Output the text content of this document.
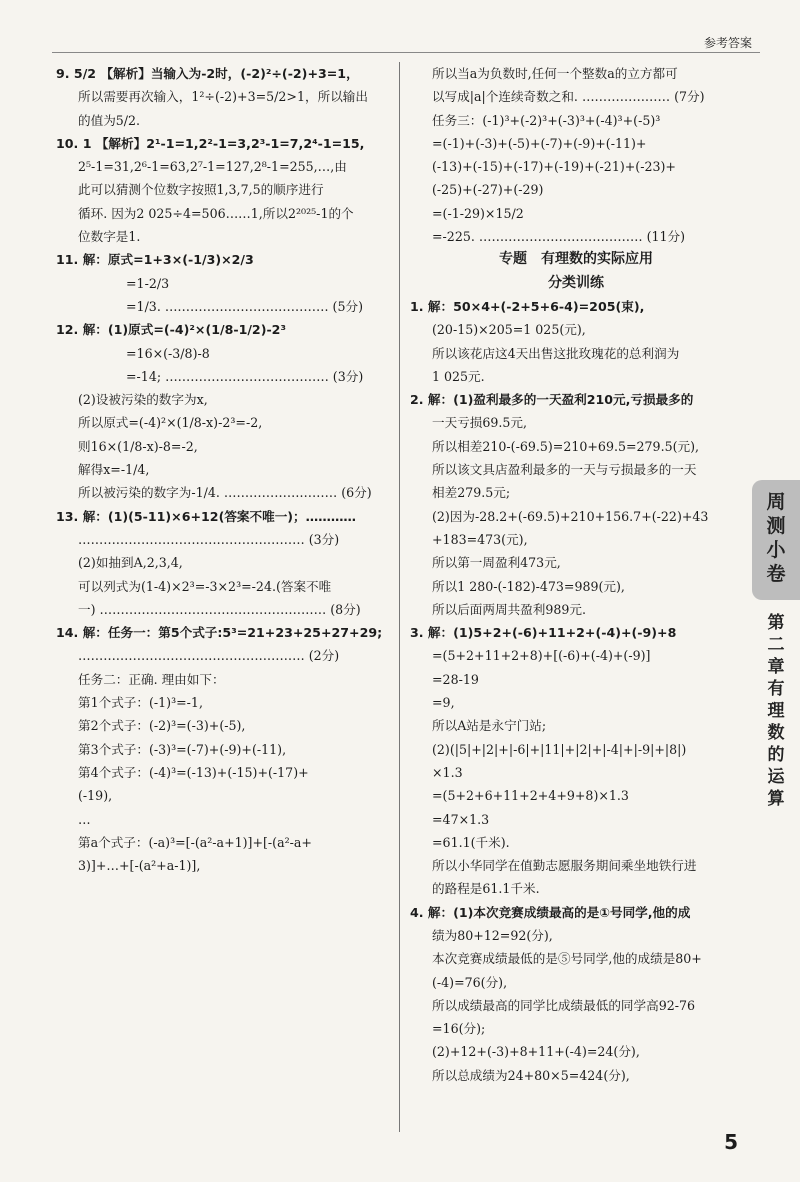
参考答案
9. 5/2 【解析】当输入为-2时，(-2)²÷(-2)+3=1，
所以需要再次输入，1²÷(-2)+3=5/2>1，所以输出
的值为5/2.
10. 1 【解析】2¹-1=1,2²-1=3,2³-1=7,2⁴-1=15,
2⁵-1=31,2⁶-1=63,2⁷-1=127,2⁸-1=255,…,由
此可以猜测个位数字按照1,3,7,5的顺序进行
循环. 因为2 025÷4=506……1,所以2²⁰²⁵-1的个
位数字是1.
11. 解：原式=1+3×(-1/3)×2/3
=1-2/3
=1/3. ………………………………… (5分)
12. 解：(1)原式=(-4)²×(1/8-1/2)-2³
=16×(-3/8)-8
=-14; ………………………………… (3分)
(2)设被污染的数字为x,
所以原式=(-4)²×(1/8-x)-2³=-2,
则16×(1/8-x)-8=-2,
解得x=-1/4,
所以被污染的数字为-1/4. ……………………… (6分)
13. 解：(1)(5-11)×6+12(答案不唯一)；…………
……………………………………………… (3分)
(2)如抽到A,2,3,4,
可以列式为(1-4)×2³=-3×2³=-24.(答案不唯
一) ……………………………………………… (8分)
14. 解：任务一：第5个式子:5³=21+23+25+27+29;
……………………………………………… (2分)
任务二：正确. 理由如下：
第1个式子：(-1)³=-1,
第2个式子：(-2)³=(-3)+(-5),
第3个式子：(-3)³=(-7)+(-9)+(-11),
第4个式子：(-4)³=(-13)+(-15)+(-17)+
(-19),
…
第a个式子：(-a)³=[-(a²-a+1)]+[-(a²-a+
3)]+…+[-(a²+a-1)],
所以当a为负数时,任何一个整数a的立方都可
以写成|a|个连续奇数之和. ………………… (7分)
任务三：(-1)³+(-2)³+(-3)³+(-4)³+(-5)³
=(-1)+(-3)+(-5)+(-7)+(-9)+(-11)+
(-13)+(-15)+(-17)+(-19)+(-21)+(-23)+
(-25)+(-27)+(-29)
=(-1-29)×15/2
=-225. ………………………………… (11分)
专题　有理数的实际应用
分类训练
1. 解：50×4+(-2+5+6-4)=205(束),
(20-15)×205=1 025(元),
所以该花店这4天出售这批玫瑰花的总利润为
1 025元.
2. 解：(1)盈利最多的一天盈利210元,亏损最多的
一天亏损69.5元,
所以相差210-(-69.5)=210+69.5=279.5(元),
所以该文具店盈利最多的一天与亏损最多的一天
相差279.5元;
(2)因为-28.2+(-69.5)+210+156.7+(-22)+43
+183=473(元),
所以第一周盈利473元,
所以1 280-(-182)-473=989(元),
所以后面两周共盈利989元.
3. 解：(1)5+2+(-6)+11+2+(-4)+(-9)+8
=(5+2+11+2+8)+[(-6)+(-4)+(-9)]
=28-19
=9,
所以A站是永宁门站;
(2)(|5|+|2|+|-6|+|11|+|2|+|-4|+|-9|+|8|)
×1.3
=(5+2+6+11+2+4+9+8)×1.3
=47×1.3
=61.1(千米).
所以小华同学在值勤志愿服务期间乘坐地铁行进
的路程是61.1千米.
4. 解：(1)本次竞赛成绩最高的是①号同学,他的成
绩为80+12=92(分),
本次竞赛成绩最低的是⑤号同学,他的成绩是80+
(-4)=76(分),
所以成绩最高的同学比成绩最低的同学高92-76
=16(分);
(2)+12+(-3)+8+11+(-4)=24(分),
所以总成绩为24+80×5=424(分),
周测小卷
第二章 有理数的运算
5
